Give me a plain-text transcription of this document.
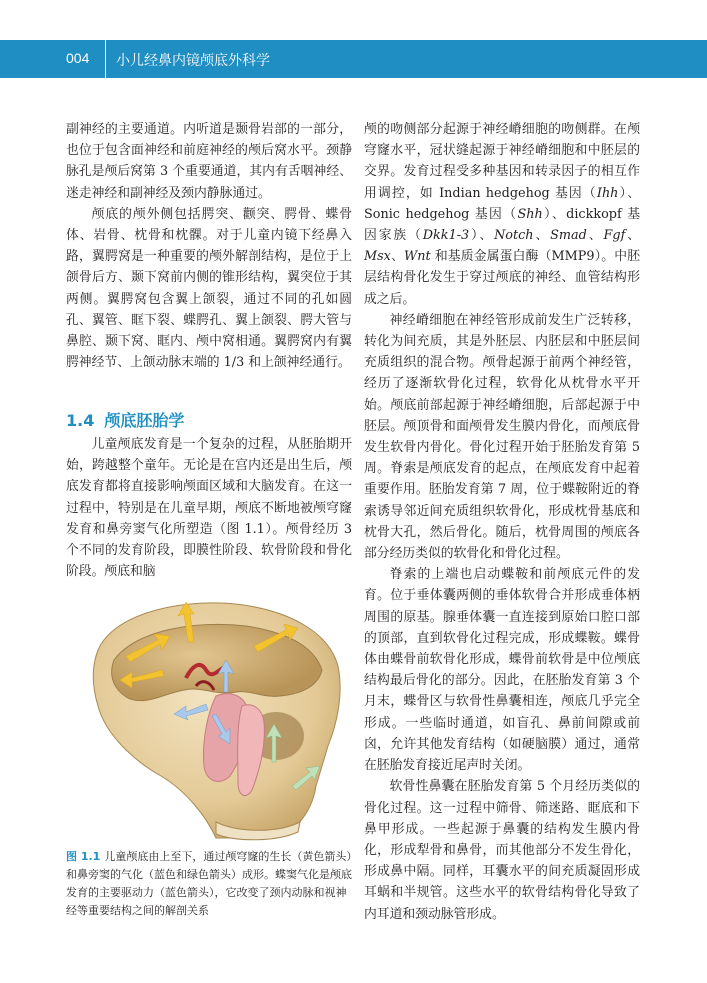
004 小儿经鼻内镜颅底外科学

副神经的主要通道。内听道是颞骨岩部的一部分，也位于包含面神经和前庭神经的颅后窝水平。颈静脉孔是颅后窝第 3 个重要通道，其内有舌咽神经、迷走神经和副神经及颈内静脉通过。

颅底的颅外侧包括腭突、颧突、腭骨、蝶骨体、岩骨、枕骨和枕髁。对于儿童内镜下经鼻入路，翼腭窝是一种重要的颅外解剖结构，是位于上颌骨后方、颞下窝前内侧的锥形结构，翼突位于其两侧。翼腭窝包含翼上颌裂，通过不同的孔如圆孔、翼管、眶下裂、蝶腭孔、翼上颌裂、腭大管与鼻腔、颞下窝、眶内、颅中窝相通。翼腭窝内有翼腭神经节、上颌动脉末端的 1/3 和上颌神经通行。

1.4 颅底胚胎学

儿童颅底发育是一个复杂的过程，从胚胎期开始，跨越整个童年。无论是在宫内还是出生后，颅底发育都将直接影响颅面区域和大脑发育。在这一过程中，特别是在儿童早期，颅底不断地被颅穹窿发育和鼻旁窦气化所塑造（图 1.1）。颅骨经历 3 个不同的发育阶段，即膜性阶段、软骨阶段和骨化阶段。颅底和脑

图 1.1 儿童颅底由上至下，通过颅穹窿的生长（黄色箭头）和鼻旁窦的气化（蓝色和绿色箭头）成形。蝶窦气化是颅底发育的主要驱动力（蓝色箭头），它改变了颈内动脉和视神经等重要结构之间的解剖关系

颅的吻侧部分起源于神经嵴细胞的吻侧群。在颅穹窿水平，冠状缝起源于神经嵴细胞和中胚层的交界。发育过程受多种基因和转录因子的相互作用调控，如 Indian hedgehog 基因（Ihh）、Sonic hedgehog 基因（Shh）、dickkopf 基因家族（Dkk1-3）、Notch、Smad、Fgf、Msx、Wnt 和基质金属蛋白酶（MMP9）。中胚层结构骨化发生于穿过颅底的神经、血管结构形成之后。

神经嵴细胞在神经管形成前发生广泛转移，转化为间充质，其是外胚层、内胚层和中胚层间充质组织的混合物。颅骨起源于前两个神经管，经历了逐渐软骨化过程，软骨化从枕骨水平开始。颅底前部起源于神经嵴细胞，后部起源于中胚层。颅顶骨和面颅骨发生膜内骨化，而颅底骨发生软骨内骨化。骨化过程开始于胚胎发育第 5 周。脊索是颅底发育的起点，在颅底发育中起着重要作用。胚胎发育第 7 周，位于蝶鞍附近的脊索诱导邻近间充质组织软骨化，形成枕骨基底和枕骨大孔，然后骨化。随后，枕骨周围的颅底各部分经历类似的软骨化和骨化过程。

脊索的上端也启动蝶鞍和前颅底元件的发育。位于垂体囊两侧的垂体软骨合并形成垂体柄周围的原基。腺垂体囊一直连接到原始口腔口部的顶部，直到软骨化过程完成，形成蝶鞍。蝶骨体由蝶骨前软骨化形成，蝶骨前软骨是中位颅底结构最后骨化的部分。因此，在胚胎发育第 3 个月末，蝶骨区与软骨性鼻囊相连，颅底几乎完全形成。一些临时通道，如盲孔、鼻前间隙或前囟，允许其他发育结构（如硬脑膜）通过，通常在胚胎发育接近尾声时关闭。

软骨性鼻囊在胚胎发育第 5 个月经历类似的骨化过程。这一过程中筛骨、筛迷路、眶底和下鼻甲形成。一些起源于鼻囊的结构发生膜内骨化，形成犁骨和鼻骨，而其他部分不发生骨化，形成鼻中隔。同样，耳囊水平的间充质凝固形成耳蜗和半规管。这些水平的软骨结构骨化导致了内耳道和颈动脉管形成。
